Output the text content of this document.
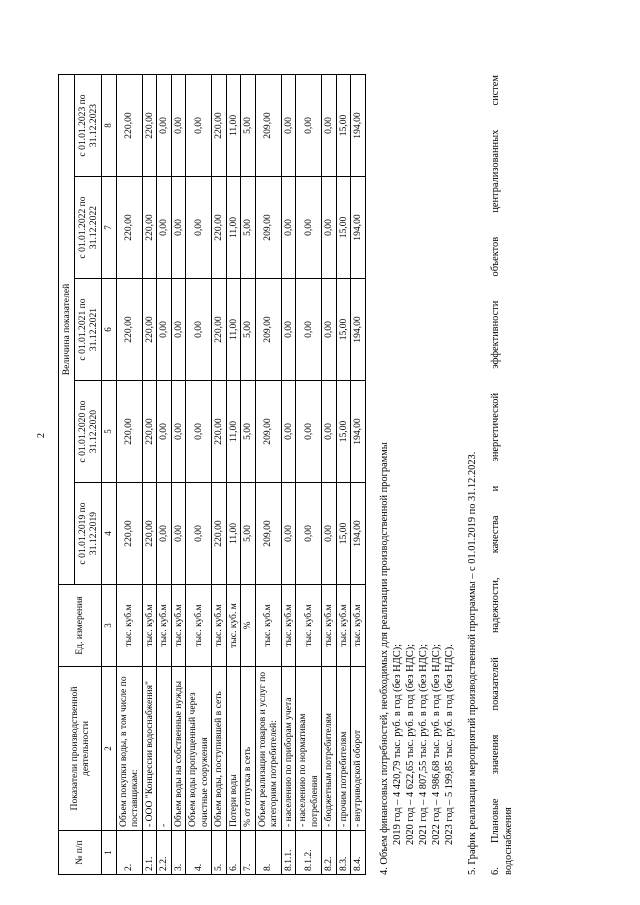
2
№ п/п	Показатели производственной деятельности	Ед. измерения	Величина показателей				
			с 01.01.2019 по 31.12.2019	с 01.01.2020 по 31.12.2020	с 01.01.2021 по 31.12.2021	с 01.01.2022 по 31.12.2022	с 01.01.2023 по 31.12.2023
1	2	3	4	5	6	7	8
2.	Объем покупки воды, в том числе по поставщикам:	тыс. куб.м	220,00	220,00	220,00	220,00	220,00
2.1.	- ООО "Концессии водоснабжения"	тыс. куб.м	220,00	220,00	220,00	220,00	220,00
2.2.	-	тыс. куб.м	0,00	0,00	0,00	0,00	0,00
3.	Объем воды на собственные нужды	тыс. куб.м	0,00	0,00	0,00	0,00	0,00
4.	Объем воды пропущенный через очистные сооружения	тыс. куб.м	0,00	0,00	0,00	0,00	0,00
5.	Объем воды, поступившей в сеть	тыс. куб.м	220,00	220,00	220,00	220,00	220,00
6.	Потери воды	тыс. куб. м	11,00	11,00	11,00	11,00	11,00
7.	% от отпуска в сеть	%	5,00	5,00	5,00	5,00	5,00
8.	Объем реализации товаров и услуг по категориям потребителей:	тыс. куб.м	209,00	209,00	209,00	209,00	209,00
8.1.1.	- населению по приборам учета	тыс. куб.м	0,00	0,00	0,00	0,00	0,00
8.1.2.	- населению по нормативам потребления	тыс. куб.м	0,00	0,00	0,00	0,00	0,00
8.2.	- бюджетным потребителям	тыс. куб.м	0,00	0,00	0,00	0,00	0,00
8.3.	- прочим потребителям	тыс. куб.м	15,00	15,00	15,00	15,00	15,00
8.4.	- внутриводской оборот	тыс. куб.м	194,00	194,00	194,00	194,00	194,00

4. Объем финансовых потребностей, необходимых для реализации производственной программы 2019 год – 4 420,79 тыс. руб. в год (без НДС); 2020 год – 4 622,65 тыс. руб. в год (без НДС); 2021 год – 4 807,55 тыс. руб. в год (без НДС); 2022 год – 4 986,68 тыс. руб. в год (без НДС); 2023 год – 5 199,85 тыс. руб. в год (без НДС). 5. График реализации мероприятий производственной программы – с 01.01.2019 по 31.12.2023. 6. Плановые значения показателей надежности, качества и энергетической эффективности объектов централизованных систем водоснабжения
